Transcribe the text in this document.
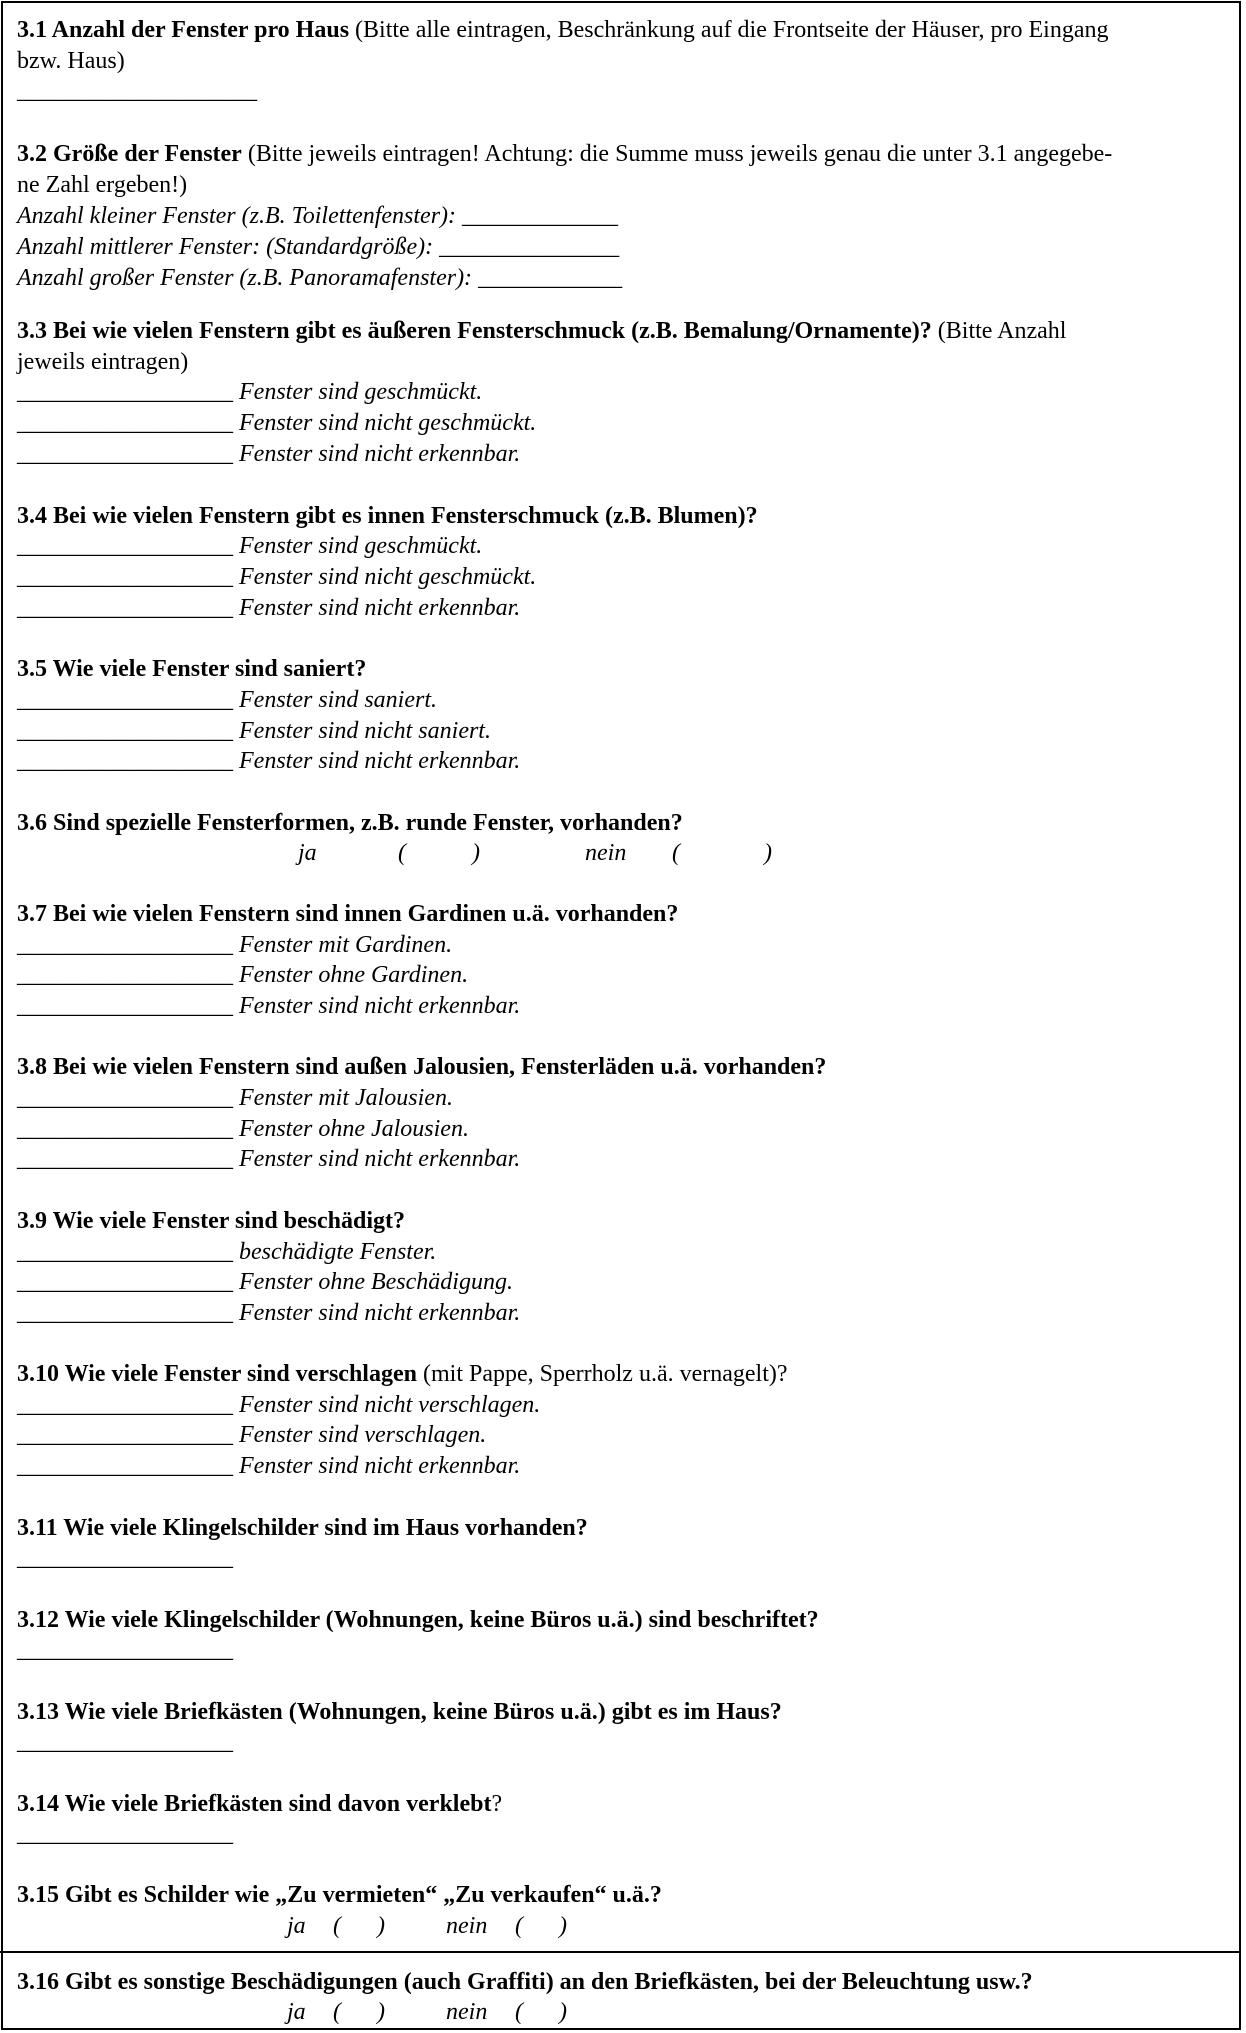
3.1 Anzahl der Fenster pro Haus (Bitte alle eintragen, Beschränkung auf die Frontseite der Häuser, pro Eingang
bzw. Haus)
____________________
3.2 Größe der Fenster (Bitte jeweils eintragen! Achtung: die Summe muss jeweils genau die unter 3.1 angegebe-
ne Zahl ergeben!)
Anzahl kleiner Fenster (z.B. Toilettenfenster): _____________
Anzahl mittlerer Fenster: (Standardgröße): _______________
Anzahl großer Fenster (z.B. Panoramafenster): ____________
3.3 Bei wie vielen Fenstern gibt es äußeren Fensterschmuck (z.B. Bemalung/Ornamente)? (Bitte Anzahl
jeweils eintragen)
__________________ Fenster sind geschmückt.
__________________ Fenster sind nicht geschmückt.
__________________ Fenster sind nicht erkennbar.
3.4 Bei wie vielen Fenstern gibt es innen Fensterschmuck (z.B. Blumen)?
__________________ Fenster sind geschmückt.
__________________ Fenster sind nicht geschmückt.
__________________ Fenster sind nicht erkennbar.
3.5 Wie viele Fenster sind saniert?
__________________ Fenster sind saniert.
__________________ Fenster sind nicht saniert.
__________________ Fenster sind nicht erkennbar.
3.6 Sind spezielle Fensterformen, z.B. runde Fenster, vorhanden?
ja	(           )	nein (              )
3.7 Bei wie vielen Fenstern sind innen Gardinen u.ä. vorhanden?
__________________ Fenster mit Gardinen.
__________________ Fenster ohne Gardinen.
__________________ Fenster sind nicht erkennbar.
3.8 Bei wie vielen Fenstern sind außen Jalousien, Fensterläden u.ä. vorhanden?
__________________ Fenster mit Jalousien.
__________________ Fenster ohne Jalousien.
__________________ Fenster sind nicht erkennbar.
3.9 Wie viele Fenster sind beschädigt?
__________________ beschädigte Fenster.
__________________ Fenster ohne Beschädigung.
__________________ Fenster sind nicht erkennbar.
3.10 Wie viele Fenster sind verschlagen (mit Pappe, Sperrholz u.ä. vernagelt)?
__________________ Fenster sind nicht verschlagen.
__________________ Fenster sind verschlagen.
__________________ Fenster sind nicht erkennbar.
3.11 Wie viele Klingelschilder sind im Haus vorhanden?
__________________
3.12 Wie viele Klingelschilder (Wohnungen, keine Büros u.ä.) sind beschriftet?
__________________
3.13 Wie viele Briefkästen (Wohnungen, keine Büros u.ä.) gibt es im Haus?
__________________
3.14 Wie viele Briefkästen sind davon verklebt?
__________________
3.15 Gibt es Schilder wie „Zu vermieten“ „Zu verkaufen“ u.ä.?
ja (      )	nein (      )
3.16 Gibt es sonstige Beschädigungen (auch Graffiti) an den Briefkästen, bei der Beleuchtung usw.?
ja (      )	nein (      )
